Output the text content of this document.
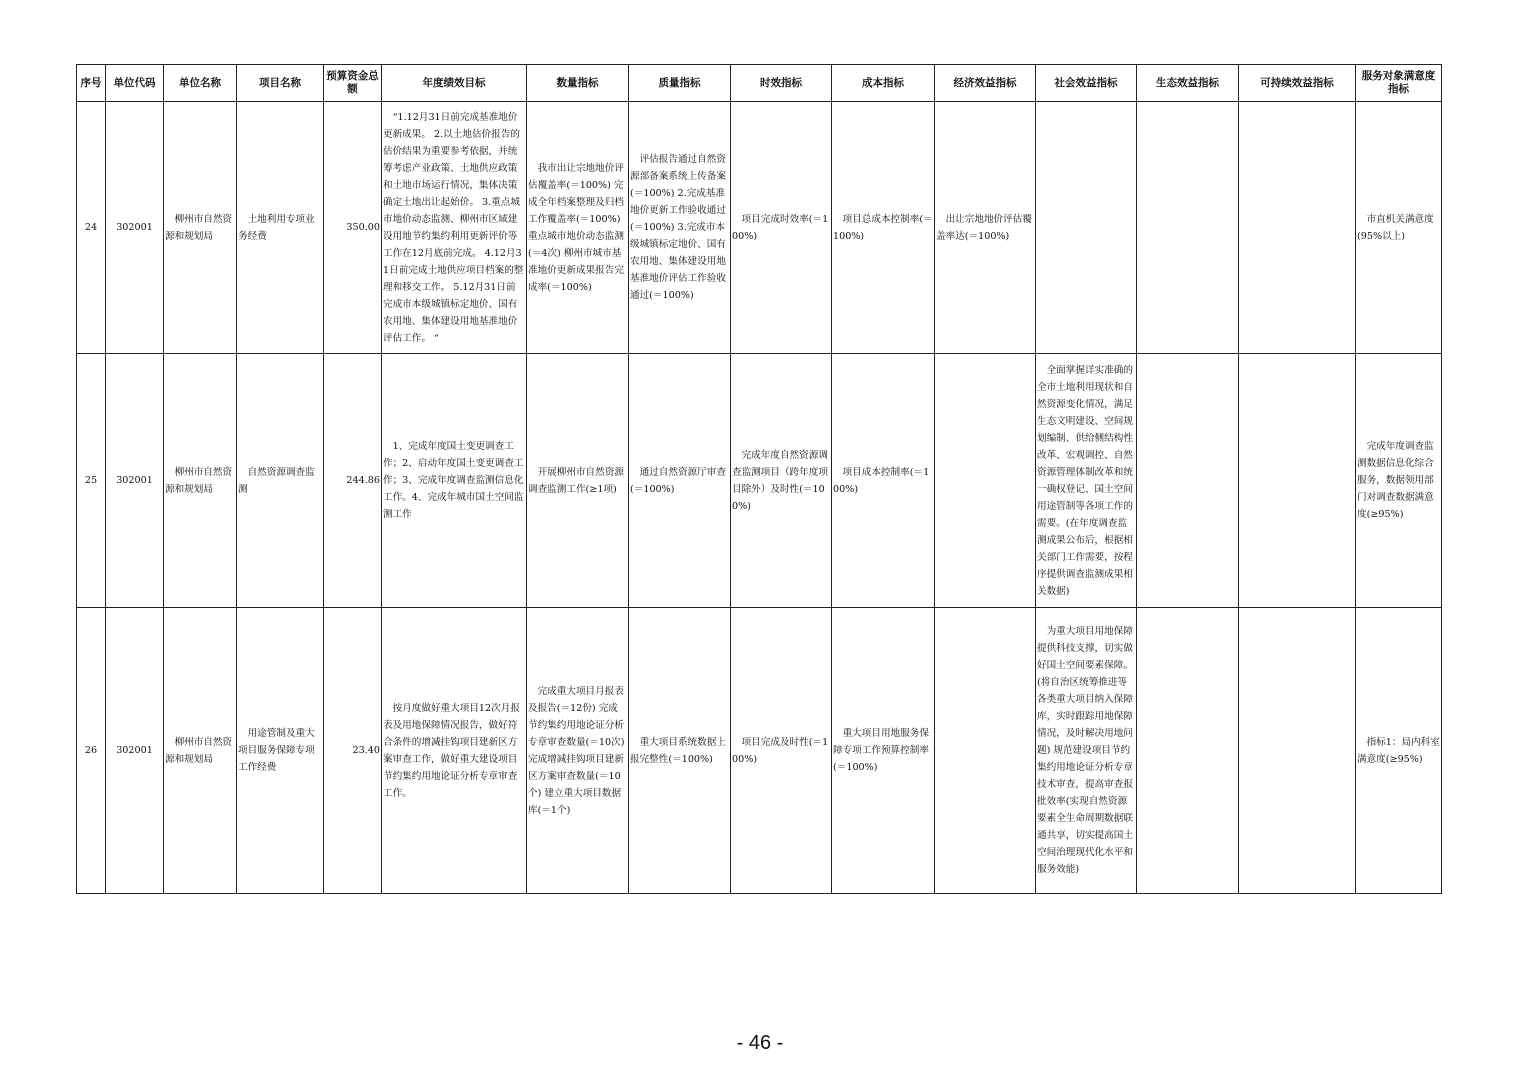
序号	单位代码	单位名称	项目名称	预算资金总额	年度绩效目标	数量指标	质量指标	时效指标	成本指标	经济效益指标	社会效益指标	生态效益指标	可持续效益指标	服务对象满意度指标
24	302001	柳州市自然资源和规划局	土地利用专项业务经费	350.00	“1.12月31日前完成基准地价更新成果。 2.以土地估价报告的估价结果为重要参考依据，并统筹考虑产业政策、土地供应政策和土地市场运行情况，集体决策确定土地出让起始价。 3.重点城市地价动态监测、柳州市区域建设用地节约集约利用更新评价等工作在12月底前完成。 4.12月31日前完成土地供应项目档案的整理和移交工作。 5.12月31日前完成市本级城镇标定地价、国有农用地、集体建设用地基准地价评估工作。 “	我市出让宗地地价评估覆盖率(＝100%) 完成全年档案整理及归档工作覆盖率(＝100%) 重点城市地价动态监测(＝4次) 柳州市城市基准地价更新成果报告完成率(＝100%)	评估报告通过自然资源部备案系统上传备案(＝100%) 2.完成基准地价更新工作验收通过(＝100%) 3.完成市本级城镇标定地价、国有农用地、集体建设用地基准地价评估工作验收通过(＝100%)	项目完成时效率(＝100%)	项目总成本控制率(＝100%)	出让宗地地价评估覆盖率达(＝100%)				市直机关满意度(95%以上)
25	302001	柳州市自然资源和规划局	自然资源调查监测	244.86	1、完成年度国土变更调查工作；2、启动年度国土变更调查工作；3、完成年度调查监测信息化工作。4、完成年城市国土空间监测工作	开展柳州市自然资源调查监测工作(≥1项)	通过自然资源厅审查(＝100%)	完成年度自然资源调查监测项目（跨年度项目除外）及时性(＝100%)	项目成本控制率(＝100%)		全面掌握详实准确的全市土地利用现状和自然资源变化情况，满足生态文明建设、空间规划编制、供给侧结构性改革、宏观调控、自然资源管理体制改革和统一确权登记、国土空间用途管制等各项工作的需要。(在年度调查监测成果公布后，根据相关部门工作需要，按程序提供调查监测成果相关数据)			完成年度调查监测数据信息化综合服务，数据领用部门对调查数据满意度(≥95%)
26	302001	柳州市自然资源和规划局	用途管制及重大项目服务保障专项工作经费	23.40	按月度做好重大项目12次月报表及用地保障情况报告，做好符合条件的增减挂钩项目建新区方案审查工作，做好重大建设项目节约集约用地论证分析专章审查工作。	完成重大项目月报表及报告(＝12份) 完成节约集约用地论证分析专章审查数量(＝10次) 完成增减挂钩项目建新区方案审查数量(＝10个) 建立重大项目数据库(＝1个)	重大项目系统数据上报完整性(＝100%)	项目完成及时性(＝100%)	重大项目用地服务保障专项工作预算控制率(＝100%)		为重大项目用地保障提供科技支撑，切实做好国土空间要素保障。(将自治区统筹推进等各类重大项目纳入保障库，实时跟踪用地保障情况，及时解决用地问题) 规范建设项目节约集约用地论证分析专章技术审查，提高审查报批效率(实现自然资源要素全生命周期数据联通共享，切实提高国土空间治理现代化水平和服务效能)			指标1：局内科室满意度(≥95%)
- 46 -
